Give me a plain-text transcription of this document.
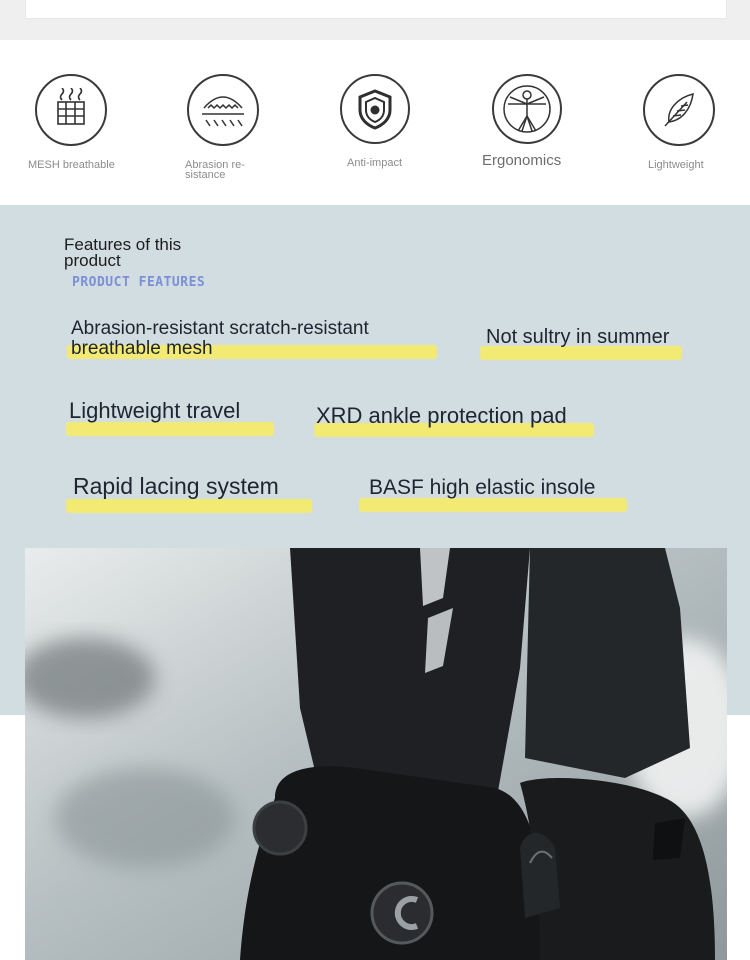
MESH breathable	Abrasion re-
sistance
Anti-impact	Ergonomics	Lightweight
Features of this product
PRODUCT FEATURES
Abrasion-resistant scratch-resistant breathable mesh
Not sultry in summer
Lightweight travel	XRD ankle protection pad
Rapid lacing system	BASF high elastic insole
